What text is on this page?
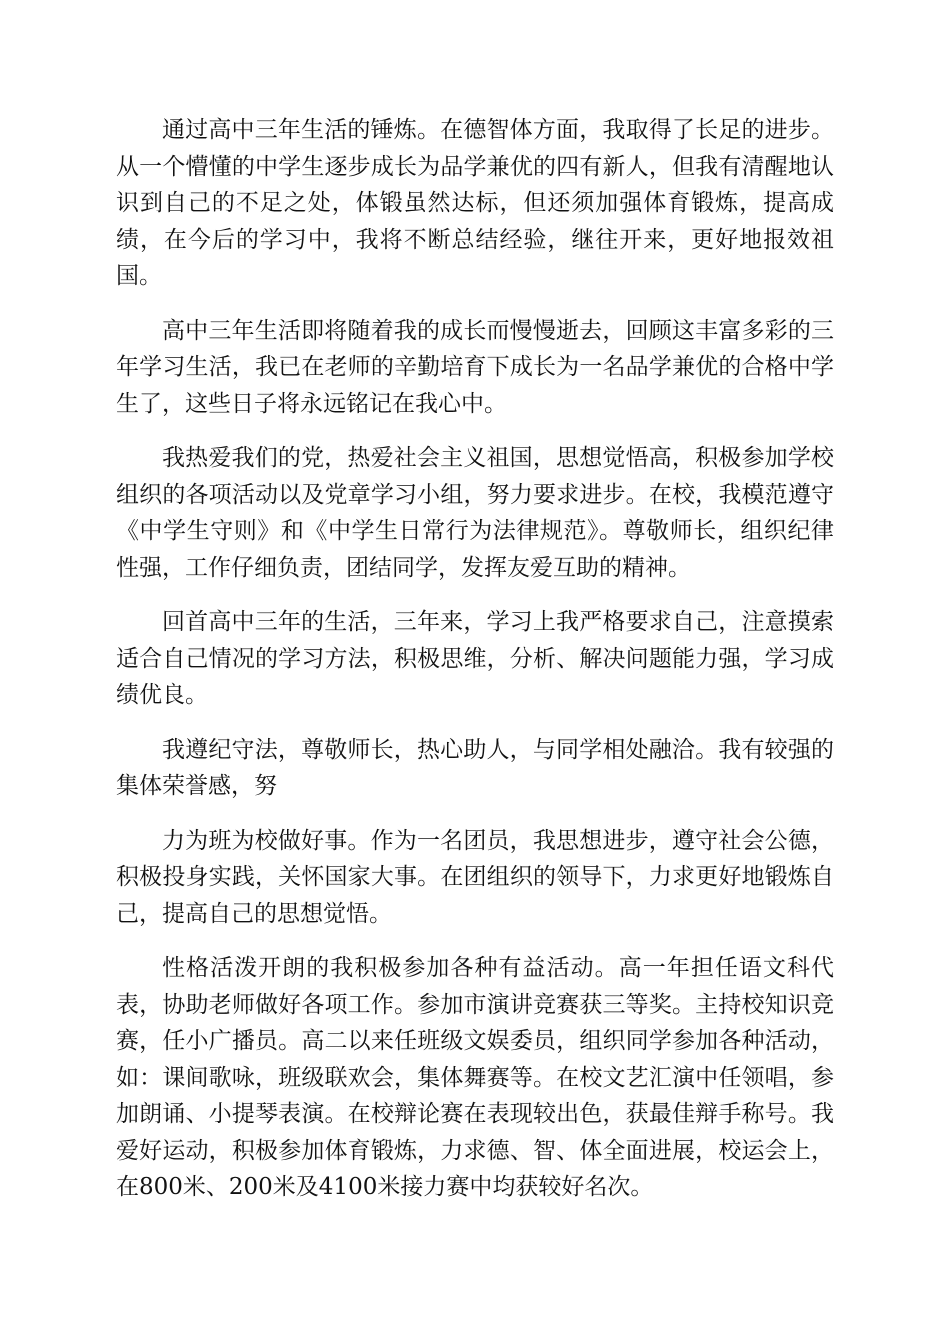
通过高中三年生活的锤炼。在德智体方面，我取得了长足的进步。从一个懵懂的中学生逐步成长为品学兼优的四有新人，但我有清醒地认识到自己的不足之处，体锻虽然达标，但还须加强体育锻炼，提高成绩，在今后的学习中，我将不断总结经验，继往开来，更好地报效祖国。

高中三年生活即将随着我的成长而慢慢逝去，回顾这丰富多彩的三年学习生活，我已在老师的辛勤培育下成长为一名品学兼优的合格中学生了，这些日子将永远铭记在我心中。

我热爱我们的党，热爱社会主义祖国，思想觉悟高，积极参加学校组织的各项活动以及党章学习小组，努力要求进步。在校，我模范遵守《中学生守则》和《中学生日常行为法律规范》。尊敬师长，组织纪律性强，工作仔细负责，团结同学，发挥友爱互助的精神。

回首高中三年的生活，三年来，学习上我严格要求自己，注意摸索适合自己情况的学习方法，积极思维，分析、解决问题能力强，学习成绩优良。

我遵纪守法，尊敬师长，热心助人，与同学相处融洽。我有较强的集体荣誉感，努

力为班为校做好事。作为一名团员，我思想进步，遵守社会公德，积极投身实践，关怀国家大事。在团组织的领导下，力求更好地锻炼自己，提高自己的思想觉悟。

性格活泼开朗的我积极参加各种有益活动。高一年担任语文科代表，协助老师做好各项工作。参加市演讲竞赛获三等奖。主持校知识竞赛，任小广播员。高二以来任班级文娱委员，组织同学参加各种活动，如：课间歌咏，班级联欢会，集体舞赛等。在校文艺汇演中任领唱，参加朗诵、小提琴表演。在校辩论赛在表现较出色，获最佳辩手称号。我爱好运动，积极参加体育锻炼，力求德、智、体全面进展，校运会上，在800米、200米及4100米接力赛中均获较好名次。
